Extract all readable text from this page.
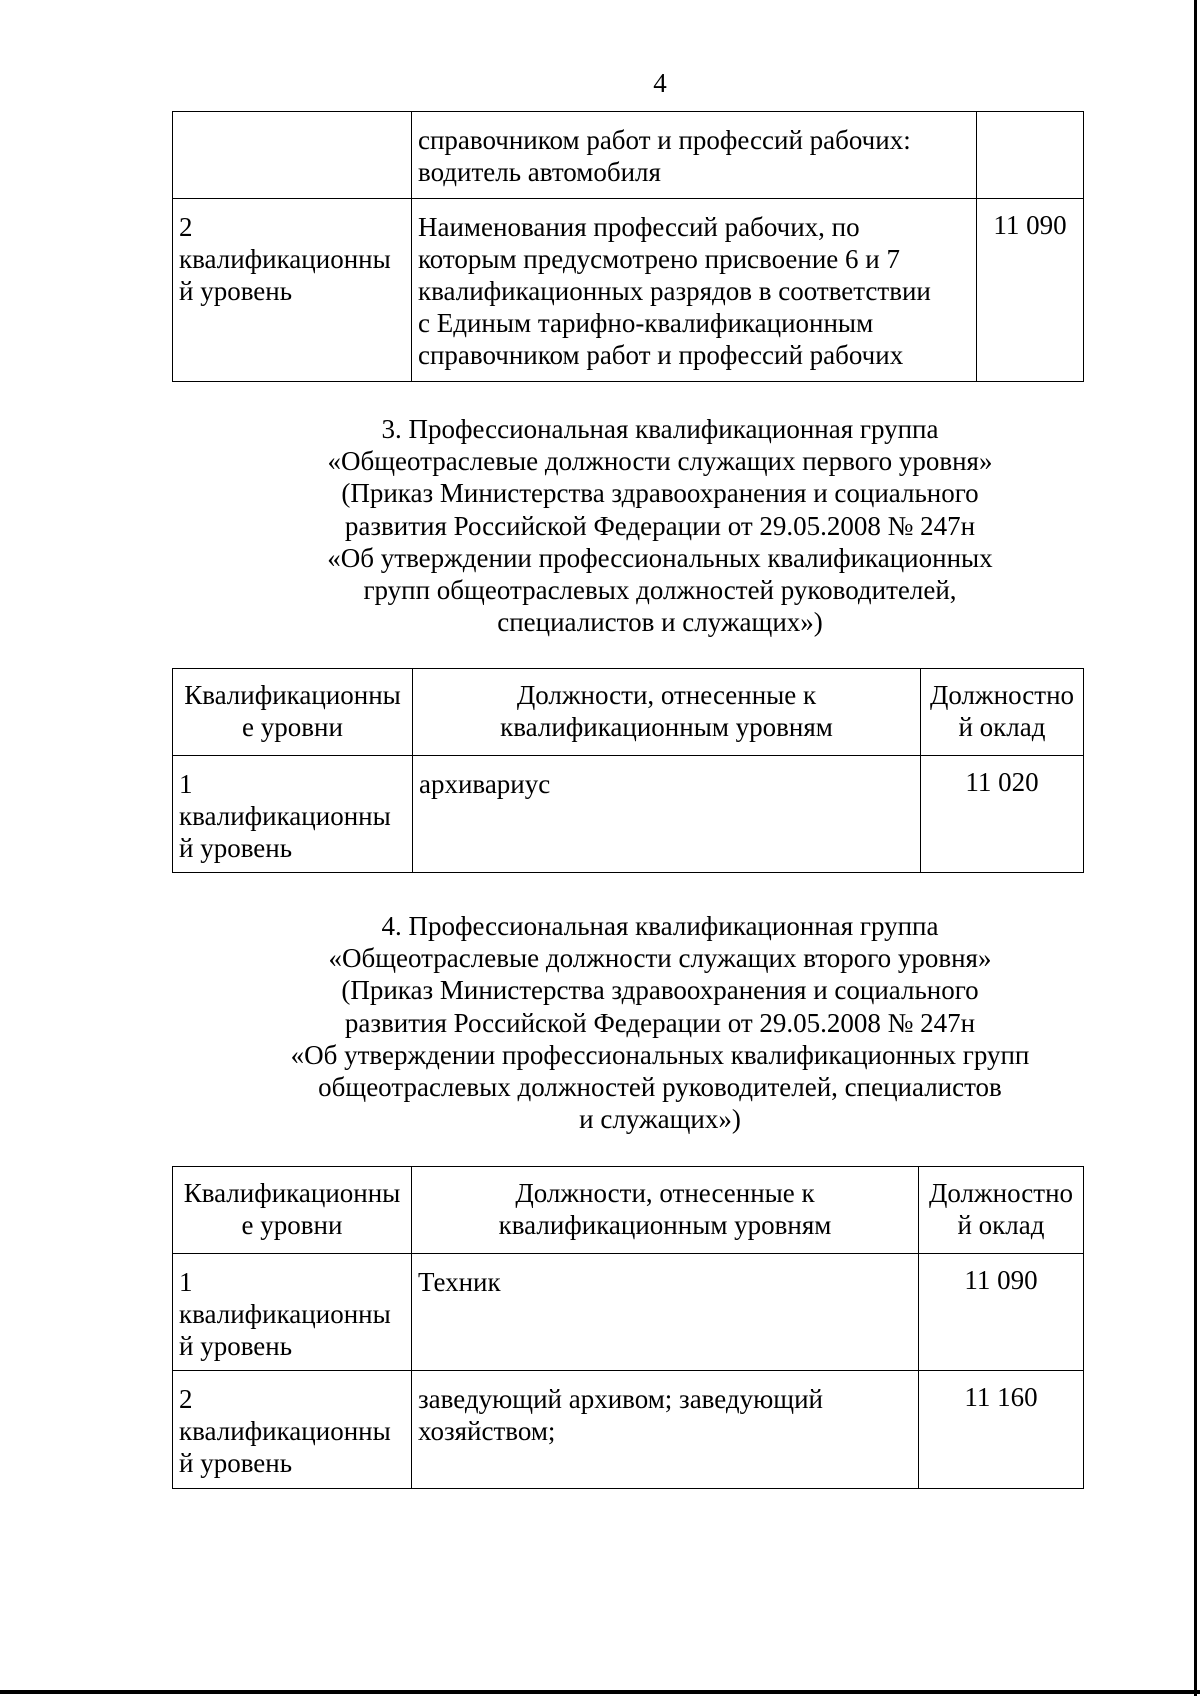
4

	справочником работ и профессий рабочих:
водитель автомобиля	

2
квалификационны
й уровень	Наименования профессий рабочих, по
которым предусмотрено присвоение 6 и 7
квалификационных разрядов в соответствии
с Единым тарифно-квалификационным
справочником работ и профессий рабочих	11 090
3. Профессиональная квалификационная группа
«Общеотраслевые должности служащих первого уровня»
(Приказ Министерства здравоохранения и социального
развития Российской Федерации от 29.05.2008 № 247н
«Об утверждении профессиональных квалификационных
групп общеотраслевых должностей руководителей,
специалистов и служащих»)
Квалификационны
е уровни	Должности, отнесенные к
квалификационным уровням	Должностно
й оклад

1
квалификационны
й уровень	архивариус	11 020
4. Профессиональная квалификационная группа
«Общеотраслевые должности служащих второго уровня»
(Приказ Министерства здравоохранения и социального
развития Российской Федерации от 29.05.2008 № 247н
«Об утверждении профессиональных квалификационных групп
общеотраслевых должностей руководителей, специалистов
и служащих»)
Квалификационны
е уровни	Должности, отнесенные к
квалификационным уровням	Должностно
й оклад

1
квалификационны
й уровень	Техник	11 090

2
квалификационны
й уровень	заведующий архивом; заведующий
хозяйством;	11 160
